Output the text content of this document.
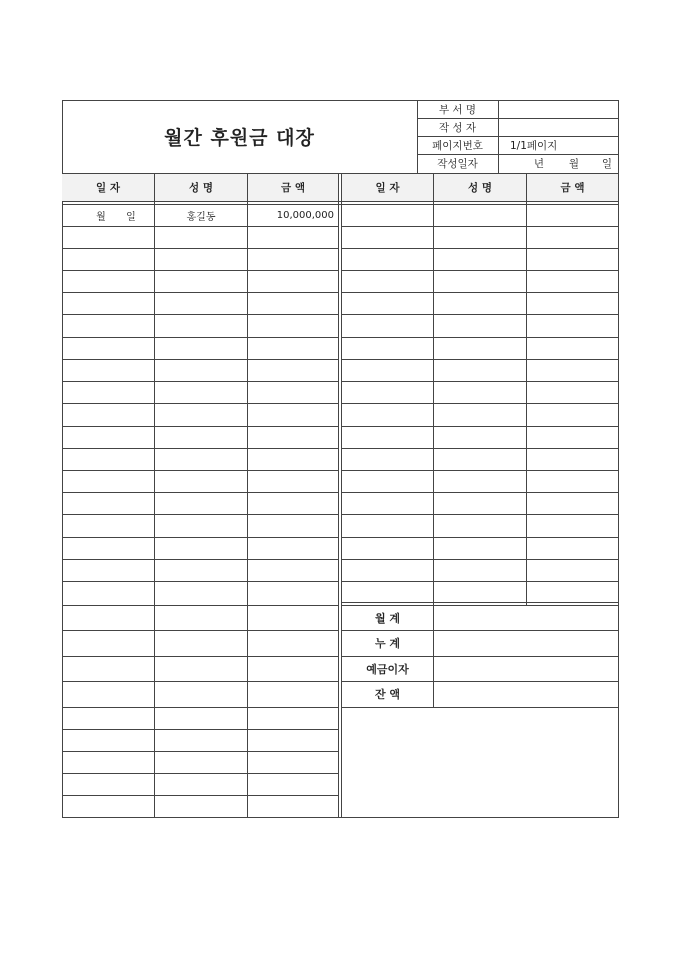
월간 후원금 대장
부 서 명
작 성 자
페이지번호	1/1페이지
작성일자	년 월 일
일 자	성 명	금 액	일 자	성 명	금 액
월 일	홍길동	10,000,000
월 계
누 계
예금이자
잔 액
